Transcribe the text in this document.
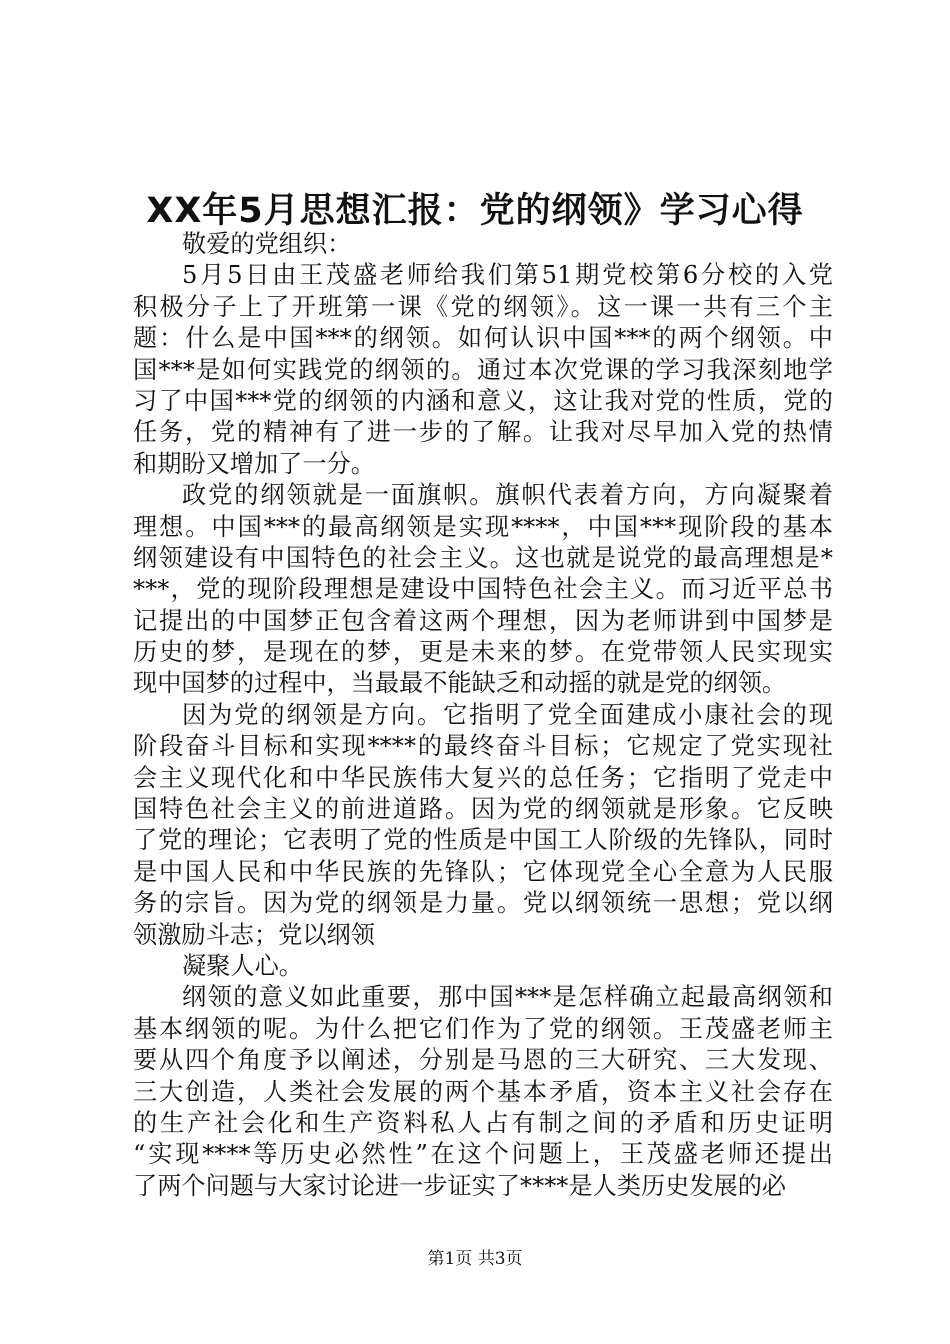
XX年5月思想汇报：党的纲领》学习心得
敬爱的党组织：
5月5日由王茂盛老师给我们第51期党校第6分校的入党
积极分子上了开班第一课《党的纲领》。这一课一共有三个主
题：什么是中国***的纲领。如何认识中国***的两个纲领。中
国***是如何实践党的纲领的。通过本次党课的学习我深刻地学
习了中国***党的纲领的内涵和意义，这让我对党的性质，党的
任务，党的精神有了进一步的了解。让我对尽早加入党的热情
和期盼又增加了一分。
政党的纲领就是一面旗帜。旗帜代表着方向，方向凝聚着
理想。中国***的最高纲领是实现****，中国***现阶段的基本
纲领建设有中国特色的社会主义。这也就是说党的最高理想是*
***，党的现阶段理想是建设中国特色社会主义。而习近平总书
记提出的中国梦正包含着这两个理想，因为老师讲到中国梦是
历史的梦，是现在的梦，更是未来的梦。在党带领人民实现实
现中国梦的过程中，当最最不能缺乏和动摇的就是党的纲领。
因为党的纲领是方向。它指明了党全面建成小康社会的现
阶段奋斗目标和实现****的最终奋斗目标；它规定了党实现社
会主义现代化和中华民族伟大复兴的总任务；它指明了党走中
国特色社会主义的前进道路。因为党的纲领就是形象。它反映
了党的理论；它表明了党的性质是中国工人阶级的先锋队，同时
是中国人民和中华民族的先锋队；它体现党全心全意为人民服
务的宗旨。因为党的纲领是力量。党以纲领统一思想；党以纲
领激励斗志；党以纲领
凝聚人心。
纲领的意义如此重要，那中国***是怎样确立起最高纲领和
基本纲领的呢。为什么把它们作为了党的纲领。王茂盛老师主
要从四个角度予以阐述，分别是马恩的三大研究、三大发现、
三大创造，人类社会发展的两个基本矛盾，资本主义社会存在
的生产社会化和生产资料私人占有制之间的矛盾和历史证明
“实现****等历史必然性”在这个问题上，王茂盛老师还提出
了两个问题与大家讨论进一步证实了****是人类历史发展的必
第1页 共3页
